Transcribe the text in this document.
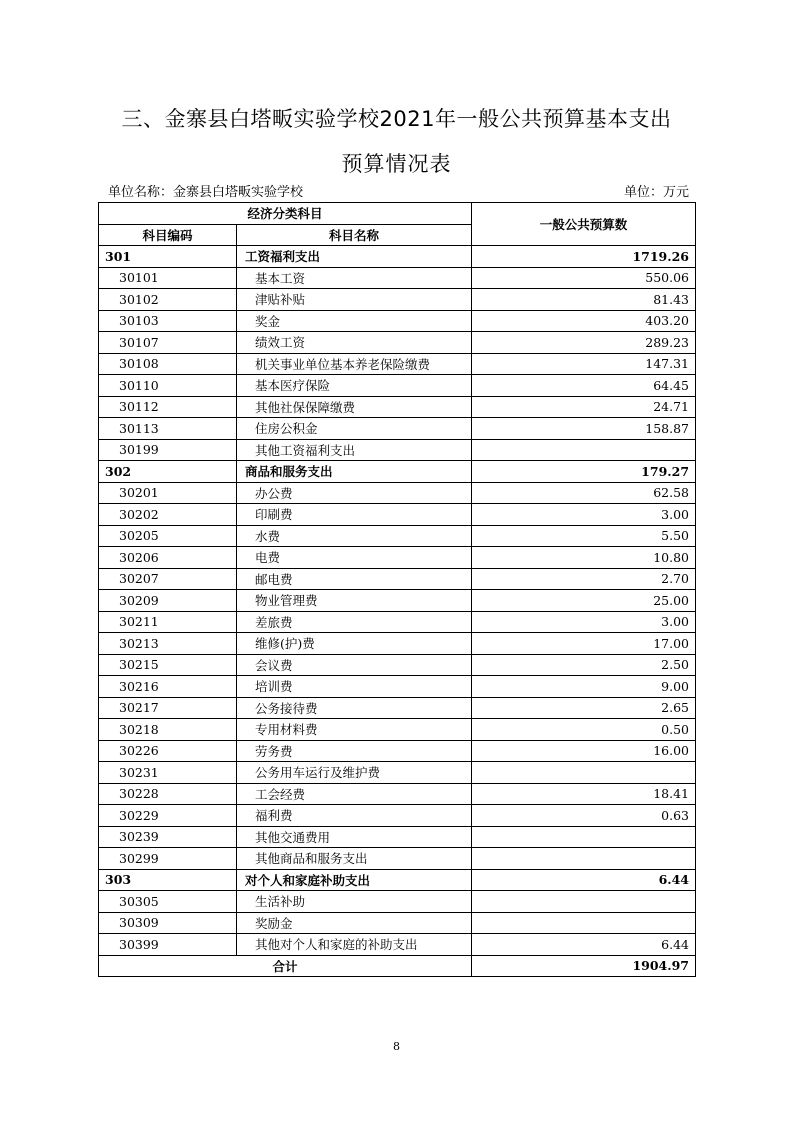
三、金寨县白塔畈实验学校2021年一般公共预算基本支出
预算情况表
单位名称：金寨县白塔畈实验学校	单位：万元
经济分类科目		一般公共预算数
科目编码	科目名称	
301	工资福利支出	1719.26
30101	基本工资	550.06
30102	津贴补贴	81.43
30103	奖金	403.20
30107	绩效工资	289.23
30108	机关事业单位基本养老保险缴费	147.31
30110	基本医疗保险	64.45
30112	其他社保保障缴费	24.71
30113	住房公积金	158.87
30199	其他工资福利支出	
302	商品和服务支出	179.27
30201	办公费	62.58
30202	印刷费	3.00
30205	水费	5.50
30206	电费	10.80
30207	邮电费	2.70
30209	物业管理费	25.00
30211	差旅费	3.00
30213	维修(护)费	17.00
30215	会议费	2.50
30216	培训费	9.00
30217	公务接待费	2.65
30218	专用材料费	0.50
30226	劳务费	16.00
30231	公务用车运行及维护费	
30228	工会经费	18.41
30229	福利费	0.63
30239	其他交通费用	
30299	其他商品和服务支出	
303	对个人和家庭补助支出	6.44
30305	生活补助	
30309	奖励金	
30399	其他对个人和家庭的补助支出	6.44
合计		1904.97
8
